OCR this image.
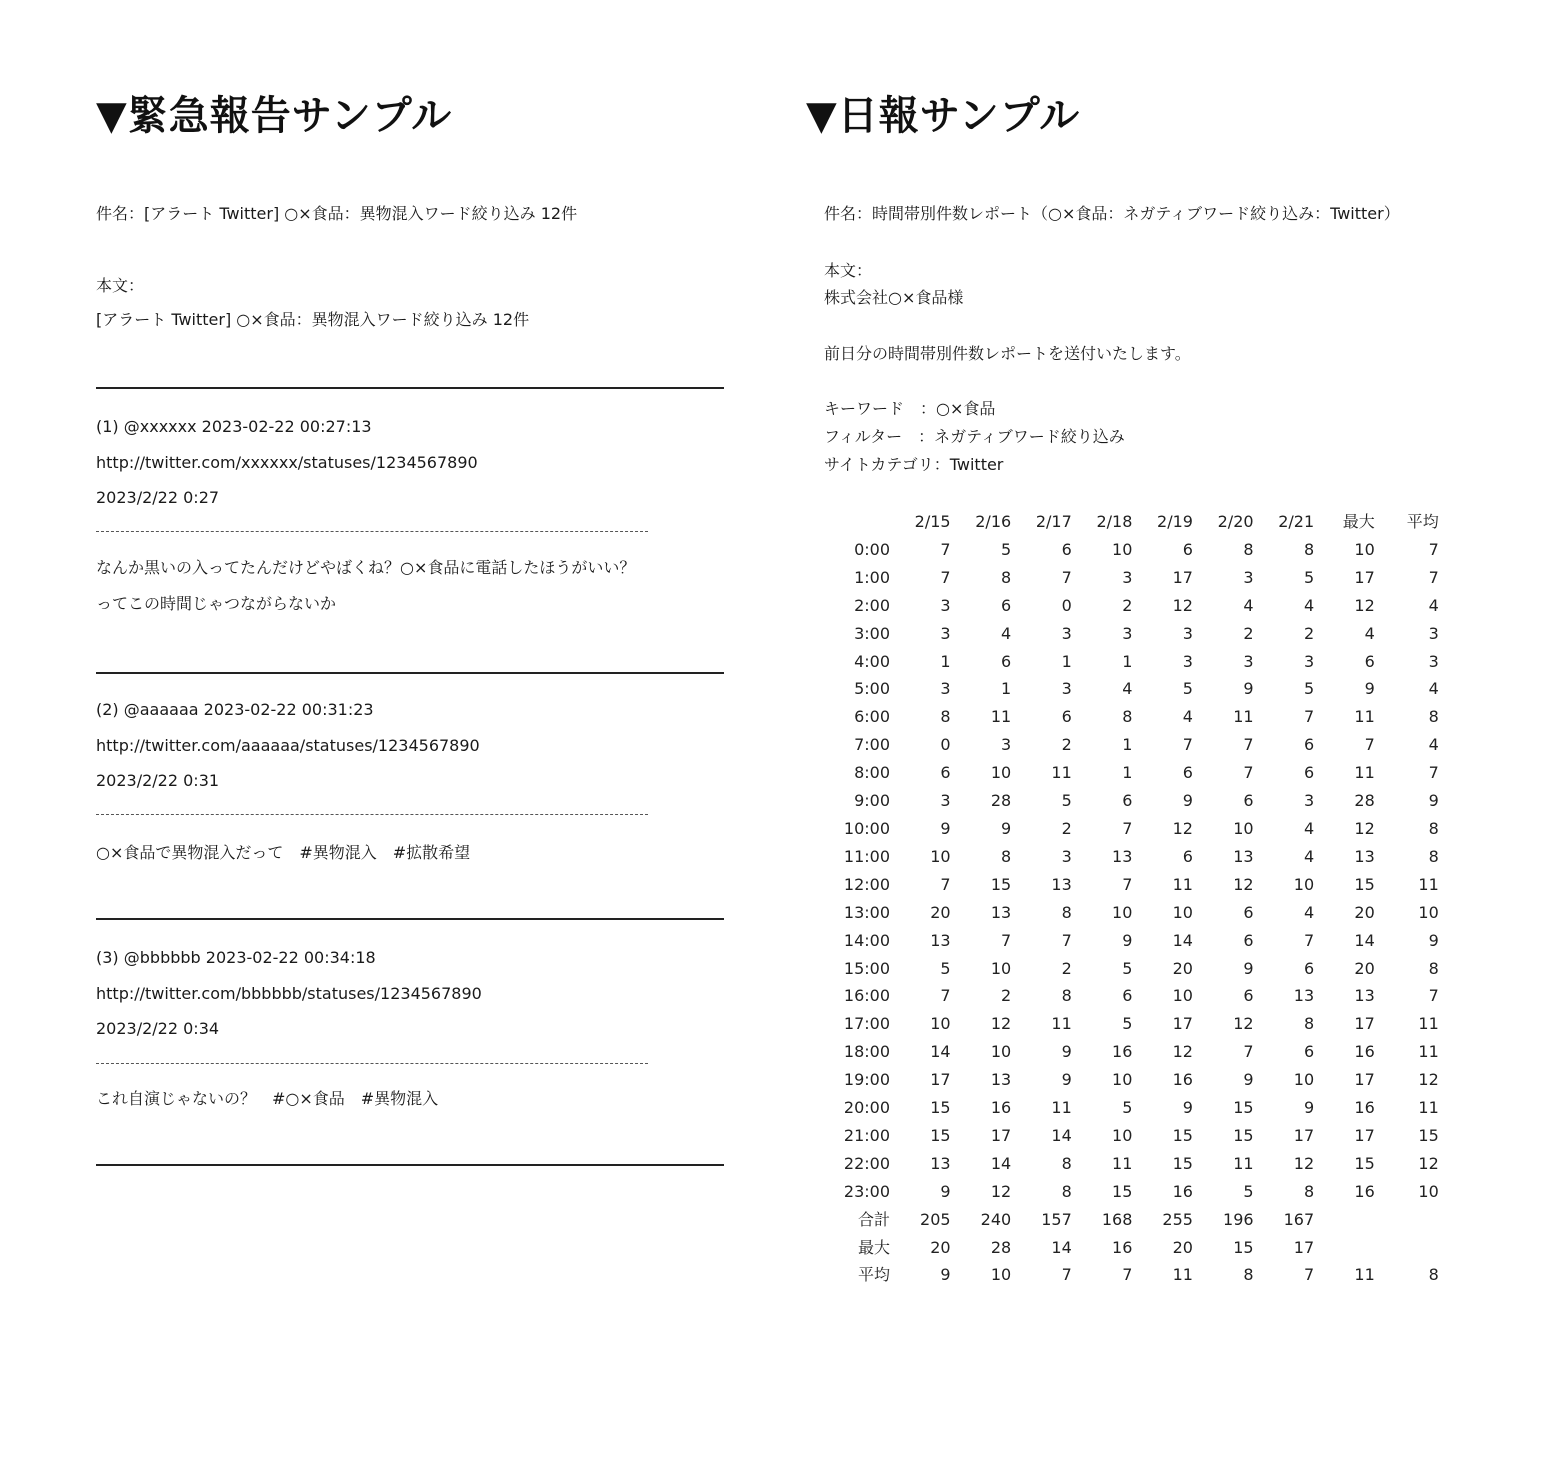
▼緊急報告サンプル
件名：[アラート Twitter] ○×食品：異物混入ワード絞り込み 12件
本文：
[アラート Twitter] ○×食品：異物混入ワード絞り込み 12件
(1) @xxxxxx 2023-02-22 00:27:13
http://twitter.com/xxxxxx/statuses/1234567890
2023/2/22 0:27
なんか黒いの入ってたんだけどやばくね？○×食品に電話したほうがいい？
ってこの時間じゃつながらないか
(2) @aaaaaa 2023-02-22 00:31:23
http://twitter.com/aaaaaa/statuses/1234567890
2023/2/22 0:31
○×食品で異物混入だって　#異物混入　#拡散希望
(3) @bbbbbb 2023-02-22 00:34:18
http://twitter.com/bbbbbb/statuses/1234567890
2023/2/22 0:34
これ自演じゃないの？　#○×食品　#異物混入
▼日報サンプル
件名：時間帯別件数レポート（○×食品：ネガティブワード絞り込み：Twitter）
本文：
株式会社○×食品様
前日分の時間帯別件数レポートを送付いたします。
キーワード　：○×食品
フィルター　：ネガティブワード絞り込み
サイトカテゴリ：Twitter
	2/15	2/16	2/17	2/18	2/19	2/20	2/21	最大	平均
0:00	7	5	6	10	6	8	8	10	7
1:00	7	8	7	3	17	3	5	17	7
2:00	3	6	0	2	12	4	4	12	4
3:00	3	4	3	3	3	2	2	4	3
4:00	1	6	1	1	3	3	3	6	3
5:00	3	1	3	4	5	9	5	9	4
6:00	8	11	6	8	4	11	7	11	8
7:00	0	3	2	1	7	7	6	7	4
8:00	6	10	11	1	6	7	6	11	7
9:00	3	28	5	6	9	6	3	28	9
10:00	9	9	2	7	12	10	4	12	8
11:00	10	8	3	13	6	13	4	13	8
12:00	7	15	13	7	11	12	10	15	11
13:00	20	13	8	10	10	6	4	20	10
14:00	13	7	7	9	14	6	7	14	9
15:00	5	10	2	5	20	9	6	20	8
16:00	7	2	8	6	10	6	13	13	7
17:00	10	12	11	5	17	12	8	17	11
18:00	14	10	9	16	12	7	6	16	11
19:00	17	13	9	10	16	9	10	17	12
20:00	15	16	11	5	9	15	9	16	11
21:00	15	17	14	10	15	15	17	17	15
22:00	13	14	8	11	15	11	12	15	12
23:00	9	12	8	15	16	5	8	16	10
合計	205	240	157	168	255	196	167		
最大	20	28	14	16	20	15	17		
平均	9	10	7	7	11	8	7	11	8
